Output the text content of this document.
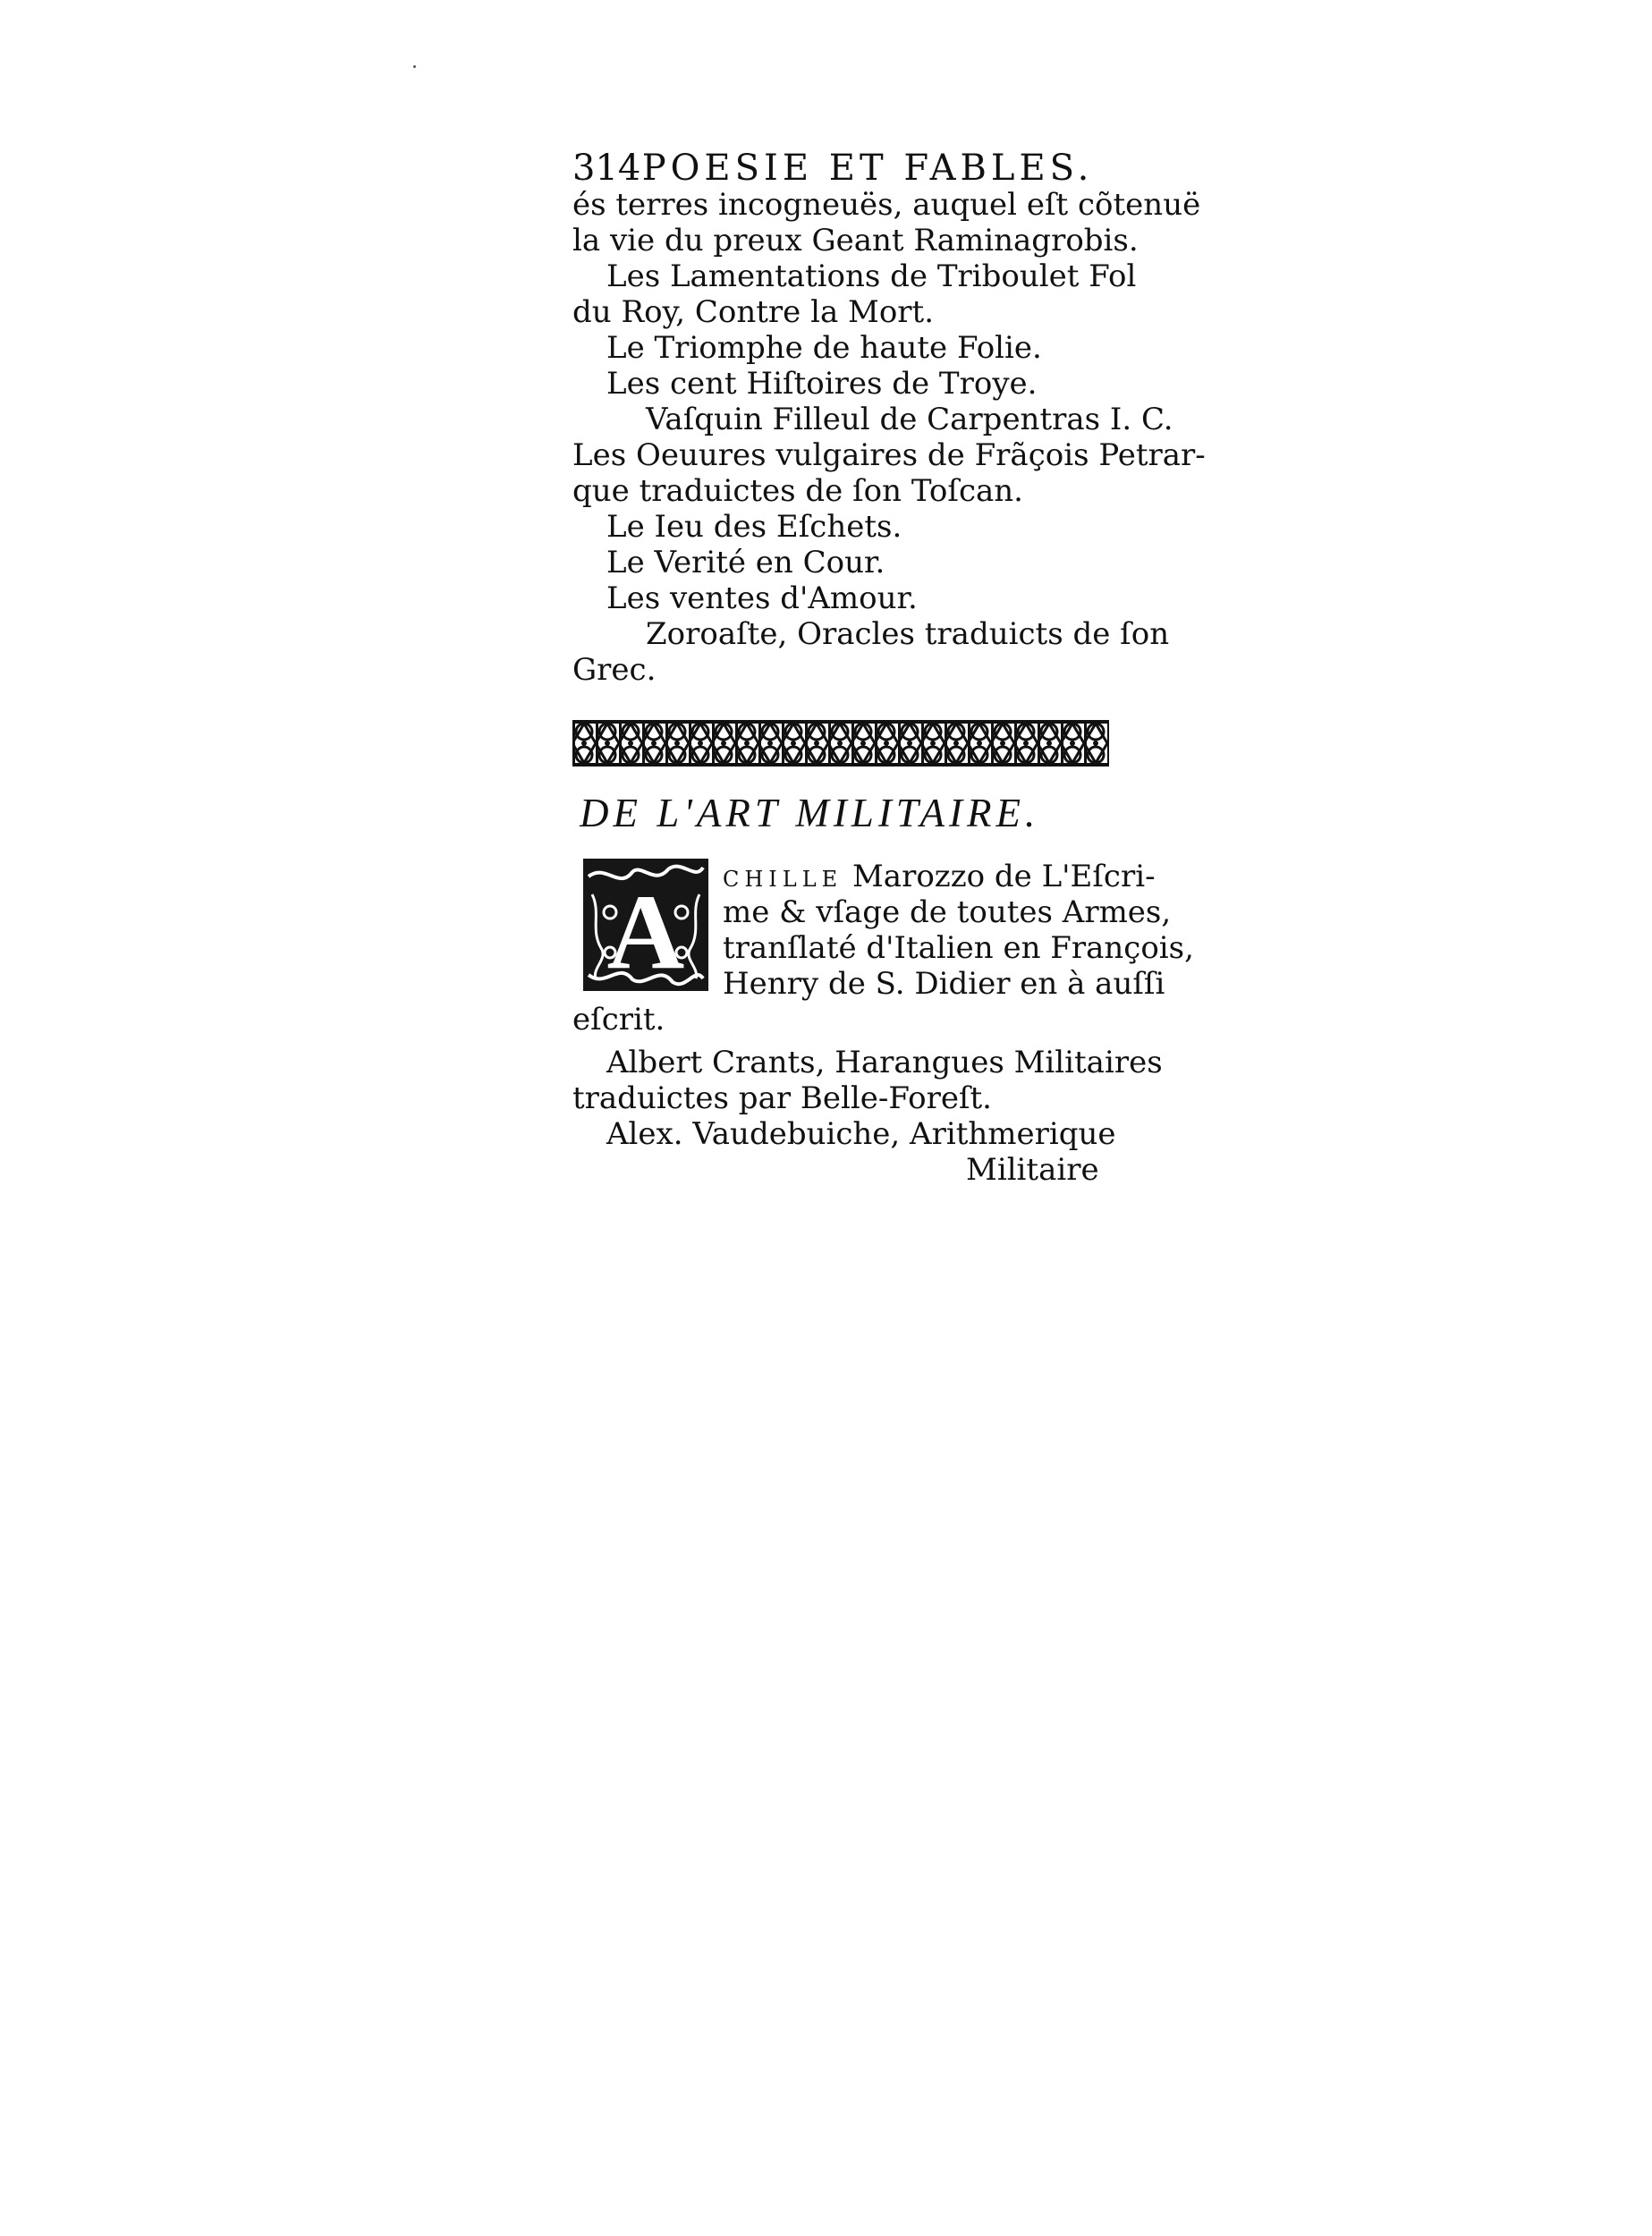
314 POESIE ET FABLES.
és terres incogneuës, auquel eſt cõtenuë
la vie du preux Geant Raminagrobis.
Les Lamentations de Triboulet Fol
du Roy, Contre la Mort.
Le Triomphe de haute Folie.
Les cent Hiſtoires de Troye.
Vaſquin Filleul de Carpentras I. C.
Les Oeuures vulgaires de Frãçois Petrar-
que traduictes de ſon Toſcan.
Le Ieu des Eſchets.
Le Verité en Cour.
Les ventes d'Amour.
Zoroaſte, Oracles traduicts de ſon
Grec.
DE L'ART MILITAIRE.
A CHILLE Marozzo de L'Eſcri-
me & vſage de toutes Armes,
tranſlaté d'Italien en François,
Henry de S. Didier en à auſſi
eſcrit.
Albert Crants, Harangues Militaires
traduictes par Belle-Foreſt.
Alex. Vaudebuiche, Arithmerique
Militaire
